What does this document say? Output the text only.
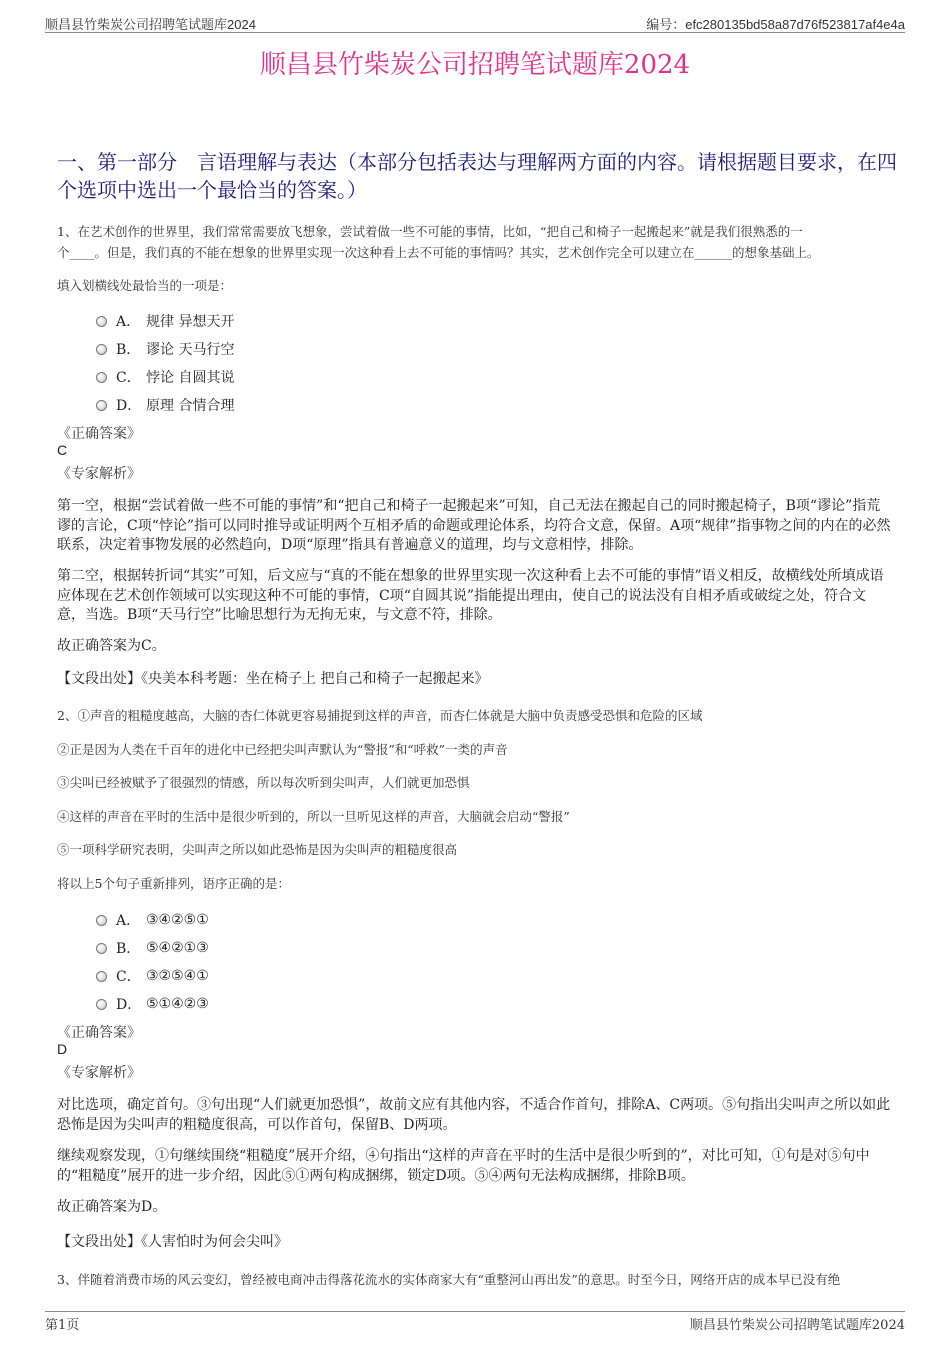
顺昌县竹柴炭公司招聘笔试题库2024	编号：efc280135bd58a87d76f523817af4e4a
顺昌县竹柴炭公司招聘笔试题库2024
一、第一部分　言语理解与表达（本部分包括表达与理解两方面的内容。请根据题目要求，在四个选项中选出一个最恰当的答案。）
1、在艺术创作的世界里，我们常常需要放飞想象，尝试着做一些不可能的事情，比如，“把自己和椅子一起搬起来”就是我们很熟悉的一
个____。但是，我们真的不能在想象的世界里实现一次这种看上去不可能的事情吗？其实，艺术创作完全可以建立在______的想象基础上。
填入划横线处最恰当的一项是：
A． 规律 异想天开
B． 谬论 天马行空
C． 悖论 自圆其说
D． 原理 合情合理
《正确答案》
C
《专家解析》
第一空，根据“尝试着做一些不可能的事情”和“把自己和椅子一起搬起来”可知，自己无法在搬起自己的同时搬起椅子，B项“谬论”指荒谬的言论，C项“悖论”指可以同时推导或证明两个互相矛盾的命题或理论体系，均符合文意，保留。A项“规律”指事物之间的内在的必然联系，决定着事物发展的必然趋向，D项“原理”指具有普遍意义的道理，均与文意相悖，排除。
第二空，根据转折词“其实”可知，后文应与“真的不能在想象的世界里实现一次这种看上去不可能的事情”语义相反，故横线处所填成语应体现在艺术创作领域可以实现这种不可能的事情，C项“自圆其说”指能提出理由，使自己的说法没有自相矛盾或破绽之处，符合文意，当选。B项“天马行空”比喻思想行为无拘无束，与文意不符，排除。
故正确答案为C。
【文段出处】《央美本科考题：坐在椅子上 把自己和椅子一起搬起来》
2、①声音的粗糙度越高，大脑的杏仁体就更容易捕捉到这样的声音，而杏仁体就是大脑中负责感受恐惧和危险的区域
②正是因为人类在千百年的进化中已经把尖叫声默认为“警报”和“呼救”一类的声音
③尖叫已经被赋予了很强烈的情感，所以每次听到尖叫声，人们就更加恐惧
④这样的声音在平时的生活中是很少听到的，所以一旦听见这样的声音，大脑就会启动“警报”
⑤一项科学研究表明，尖叫声之所以如此恐怖是因为尖叫声的粗糙度很高
将以上5个句子重新排列，语序正确的是：
A． ③④②⑤①
B． ⑤④②①③
C． ③②⑤④①
D． ⑤①④②③
《正确答案》
D
《专家解析》
对比选项，确定首句。③句出现“人们就更加恐惧”，故前文应有其他内容，不适合作首句，排除A、C两项。⑤句指出尖叫声之所以如此恐怖是因为尖叫声的粗糙度很高，可以作首句，保留B、D两项。
继续观察发现，①句继续围绕“粗糙度”展开介绍，④句指出“这样的声音在平时的生活中是很少听到的”，对比可知，①句是对⑤句中的“粗糙度”展开的进一步介绍，因此⑤①两句构成捆绑，锁定D项。⑤④两句无法构成捆绑，排除B项。
故正确答案为D。
【文段出处】《人害怕时为何会尖叫》
3、伴随着消费市场的风云变幻，曾经被电商冲击得落花流水的实体商家大有“重整河山再出发”的意思。时至今日，网络开店的成本早已没有绝
第1页	顺昌县竹柴炭公司招聘笔试题库2024
